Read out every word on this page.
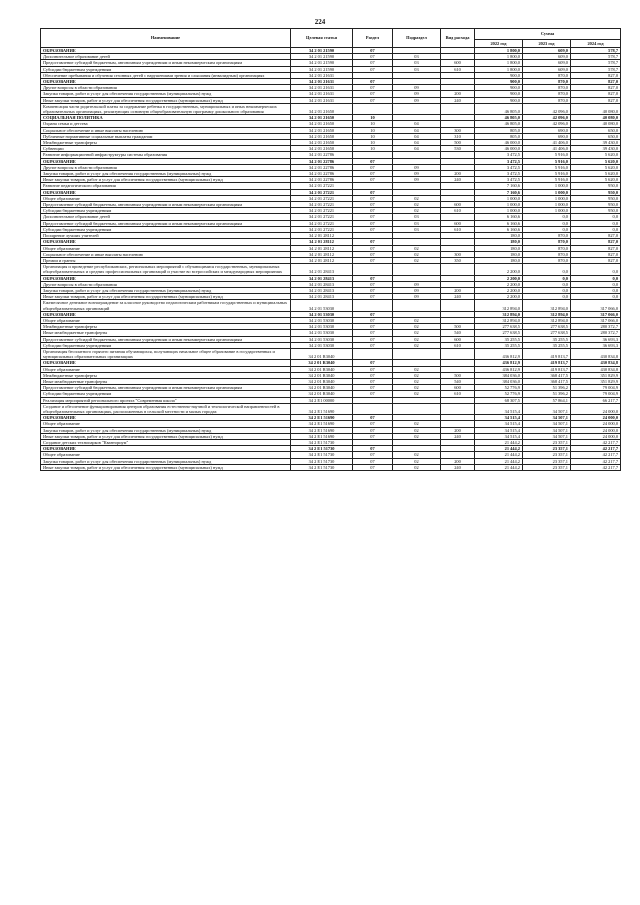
224
Наименование	Целевая статья	Раздел	Подраздел	Вид расхода	Сумма		
					2022 год	2023 год	2024 год
ОБРАЗОВАНИЕ	34 2 01 21590	07			1 800,0	609,0	578,7
Дополнительное образование детей	34 2 01 21590	07	03		1 800,0	609,0	578,7
Предоставление субсидий бюджетным, автономным учреждениям и иным некоммерческим организациям	34 2 01 21590	07	03	600	1 800,0	609,0	578,7
Субсидии бюджетным учреждениям	34 2 01 21590	07	03	610	1 800,0	609,0	578,7
Обеспечение пребывания и обучения сезонных детей с нарушениями зрения и слышания (инвалидным) организациях	34 2 01 21631				900,0	870,0	827,0
ОБРАЗОВАНИЕ	34 2 01 21631	07			900,0	870,0	827,0
Другие вопросы в области образования	34 2 01 21631	07	09		900,0	870,0	827,0
Закупка товаров, работ и услуг для обеспечения государственных (муниципальных) нужд	34 2 01 21631	07	09	200	900,0	870,0	827,0
Иные закупки товаров, работ и услуг для обеспечения государственных (муниципальных) нужд	34 2 01 21631	07	09	240	900,0	870,0	827,0
Компенсация части родительской платы за содержание ребенка в государственных, муниципальных и иных некоммерческих образовательных организациях, реализующих основную общеобразовательную программу дошкольного образования	34 2 01 21650				46 805,0	42 096,0	40 080,0
СОЦИАЛЬНАЯ ПОЛИТИКА	34 2 01 21650	10			46 805,0	42 096,0	40 080,0
Охрана семьи и детства	34 2 01 21650	10	04		46 805,0	42 096,0	40 080,0
Социальное обеспечение и иные выплаты населению	34 2 01 21650	10	04	300	805,0	690,0	650,0
Публичные нормативные социальные выплаты гражданам	34 2 01 21650	10	04	310	805,0	690,0	650,0
Межбюджетные трансферты	34 2 01 21650	10	04	500	46 000,0	41 406,0	39 430,0
Субвенции	34 2 01 21650	10	04	530	46 000,0	41 406,0	39 430,0
Развитие информационной инфраструктуры системы образования	34 2 01 22786				3 472,5	5 916,0	5 620,0
ОБРАЗОВАНИЕ	34 2 01 22786	07			3 472,5	5 916,0	5 620,0
Другие вопросы в области образования	34 2 01 22786	07	09		3 472,5	5 916,0	5 620,0
Закупка товаров, работ и услуг для обеспечения государственных (муниципальных) нужд	34 2 01 22786	07	09	200	3 472,5	5 916,0	5 620,0
Иные закупки товаров, работ и услуг для обеспечения государственных (муниципальных) нужд	34 2 01 22786	07	09	240	3 472,5	5 916,0	5 620,0
Развитие педагогического образования	34 2 01 27221				7 160,6	1 000,0	950,0
ОБРАЗОВАНИЕ	34 2 01 27221	07			7 160,6	1 000,0	950,0
Общее образование	34 2 01 27221	07	02		1 000,0	1 000,0	950,0
Предоставление субсидий бюджетным, автономным учреждениям и иным некоммерческим организациям	34 2 01 27221	07	02	600	1 000,0	1 000,0	950,0
Субсидии бюджетным учреждениям	34 2 01 27221	07	02	610	1 000,0	1 000,0	950,0
Дополнительное образование детей	34 2 01 27221	07	03		6 160,6	0,0	0,0
Предоставление субсидий бюджетным, автономным учреждениям и иным некоммерческим организациям	34 2 01 27221	07	03	600	6 160,6	0,0	0,0
Субсидии бюджетным учреждениям	34 2 01 27221	07	03	610	6 160,6	0,0	0,0
Поощрение лучших учителей	34 2 01 28112				180,0	870,0	827,0
ОБРАЗОВАНИЕ	34 2 01 28112	07			180,0	870,0	827,0
Общее образование	34 2 01 28112	07	02		180,0	870,0	827,0
Социальное обеспечение и иные выплаты населению	34 2 01 28112	07	02	300	180,0	870,0	827,0
Премии и гранты	34 2 01 28112	07	02	350	180,0	870,0	827,0
Организация и проведение республиканских, региональных мероприятий с обучающимися государственных, муниципальных общеобразовательных и средних профессиональных организаций и участие во всероссийских и международных мероприятиях	34 2 01 28413				2 200,0	0,0	0,0
ОБРАЗОВАНИЕ	34 2 01 28413	07			2 200,0	0,0	0,0
Другие вопросы в области образования	34 2 01 28413	07	09		2 200,0	0,0	0,0
Закупка товаров, работ и услуг для обеспечения государственных (муниципальных) нужд	34 2 01 28413	07	09	200	2 200,0	0,0	0,0
Иные закупки товаров, работ и услуг для обеспечения государственных (муниципальных) нужд	34 2 01 28413	07	09	240	2 200,0	0,0	0,0
Ежемесячное денежное вознаграждение за классное руководство педагогическим работникам государственных и муниципальных общеобразовательных организаций	34 2 01 53030				312 894,0	312 894,0	317 066,0
ОБРАЗОВАНИЕ	34 2 01 53030	07			312 894,0	312 894,0	317 066,0
Общее образование	34 2 01 53030	07	02		312 894,0	312 894,0	317 066,0
Межбюджетные трансферты	34 2 01 53030	07	02	500	277 638,5	277 638,5	280 372,7
Иные межбюджетные трансферты	34 2 01 53030	07	02	540	277 638,5	277 638,5	280 372,7
Предоставление субсидий бюджетным, автономным учреждениям и иным некоммерческим организациям	34 2 01 53030	07	02	600	35 255,5	35 255,5	36 693,3
Субсидии бюджетным учреждениям	34 2 01 53030	07	02	610	35 255,5	35 255,5	36 693,3
Организация бесплатного горячего питания обучающихся, получающих начальное общее образование в государственных и муниципальных образовательных организациях	34 2 01 R3040				436 812,9	419 813,7	430 834,8
ОБРАЗОВАНИЕ	34 2 01 R3040	07			436 812,9	419 813,7	430 834,8
Общее образование	34 2 01 R3040	07	02		436 812,9	419 813,7	430 834,8
Межбюджетные трансферты	34 2 01 R3040	07	02	500	384 036,0	368 417,5	351 829,9
Иные межбюджетные трансферты	34 2 01 R3040	07	02	540	384 036,0	368 417,5	351 829,9
Предоставление субсидий бюджетным, автономным учреждениям и иным некоммерческим организациям	34 2 01 R3040	07	02	600	52 776,9	51 396,2	79 004,9
Субсидии бюджетным учреждениям	34 2 01 R3040	07	02	610	52 776,9	51 396,2	79 004,9
Реализация мероприятий регионального проекта "Современная школа"	34 2 E1 00000				68 307,5	57 864,1	66 217,7
Создание и обеспечение функционирования центров образования естественно-научной и технологической направленностей в общеобразовательных организациях, расположенных в сельской местности и малых городах	34 2 E1 51690				34 515,4	34 507,1	24 000,0
ОБРАЗОВАНИЕ	34 2 E1 51690	07			34 515,4	34 507,1	24 000,0
Общее образование	34 2 E1 51690	07	02		34 515,4	34 507,1	24 000,0
Закупка товаров, работ и услуг для обеспечения государственных (муниципальных) нужд	34 2 E1 51690	07	02	200	34 515,4	34 507,1	24 000,0
Иные закупки товаров, работ и услуг для обеспечения государственных (муниципальных) нужд	34 2 E1 51690	07	02	240	34 515,4	34 507,1	24 000,0
Создание детских технопарков "Кванториум"	34 2 E1 51730				21 444,2	23 357,1	42 217,7
ОБРАЗОВАНИЕ	34 2 E1 51730	07			21 444,2	23 357,1	42 217,7
Общее образование	34 2 E1 51730	07	02		21 444,2	23 357,1	42 217,7
Закупка товаров, работ и услуг для обеспечения государственных (муниципальных) нужд	34 2 E1 51730	07	02	200	21 444,2	23 357,1	42 217,7
Иные закупки товаров, работ и услуг для обеспечения государственных (муниципальных) нужд	34 2 E1 51730	07	02	240	21 444,2	23 357,1	42 217,7
